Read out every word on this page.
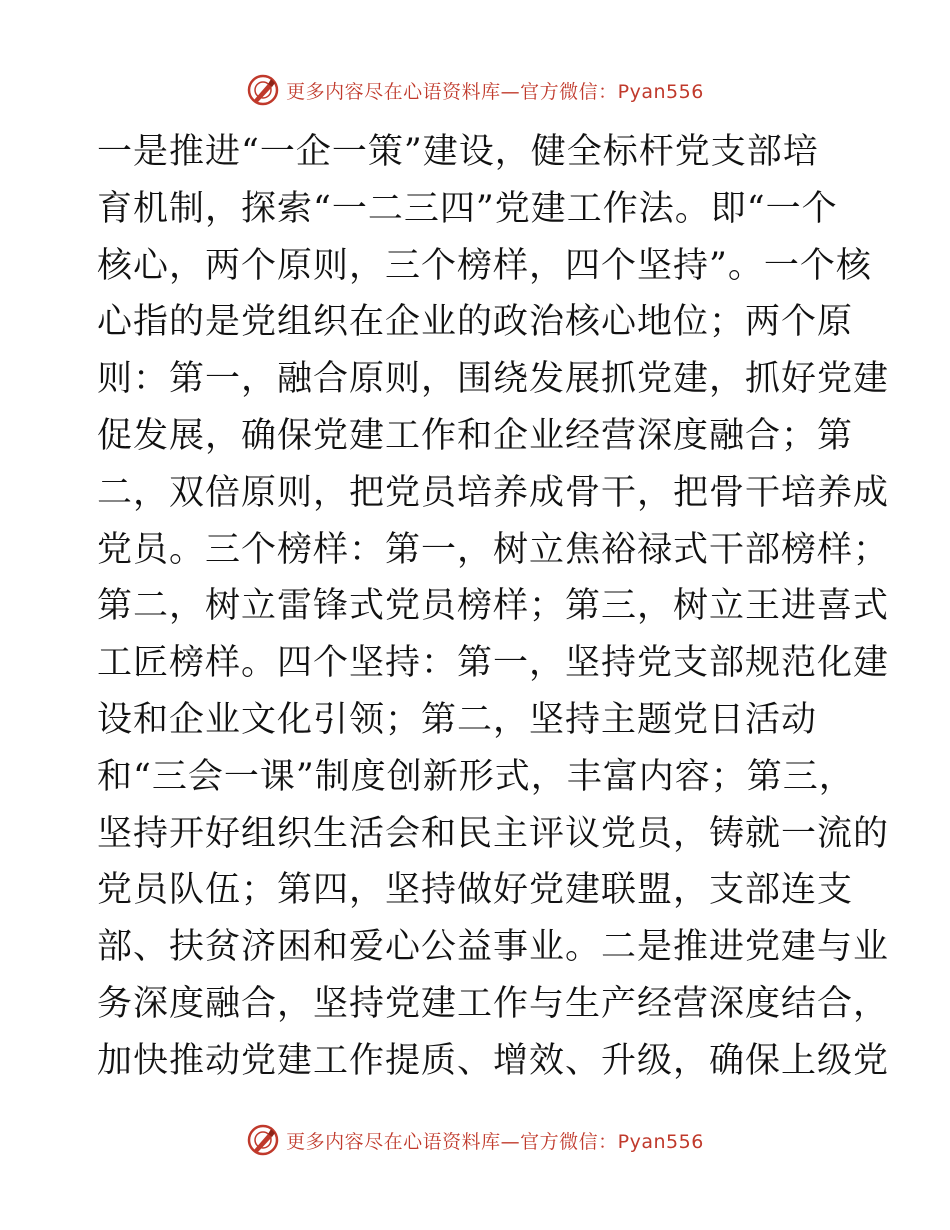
更多内容尽在心语资料库—官方微信：Pyan556
一是推进“一企一策”建设，健全标杆党支部培
育机制，探索“一二三四”党建工作法。即“一个
核心，两个原则，三个榜样，四个坚持”。一个核
心指的是党组织在企业的政治核心地位；两个原
则：第一，融合原则，围绕发展抓党建，抓好党建
促发展，确保党建工作和企业经营深度融合；第
二，双倍原则，把党员培养成骨干，把骨干培养成
党员。三个榜样：第一，树立焦裕禄式干部榜样；
第二，树立雷锋式党员榜样；第三，树立王进喜式
工匠榜样。四个坚持：第一，坚持党支部规范化建
设和企业文化引领；第二，坚持主题党日活动
和“三会一课”制度创新形式，丰富内容；第三，
坚持开好组织生活会和民主评议党员，铸就一流的
党员队伍；第四，坚持做好党建联盟，支部连支
部、扶贫济困和爱心公益事业。二是推进党建与业
务深度融合，坚持党建工作与生产经营深度结合，
加快推动党建工作提质、增效、升级，确保上级党
更多内容尽在心语资料库—官方微信：Pyan556
